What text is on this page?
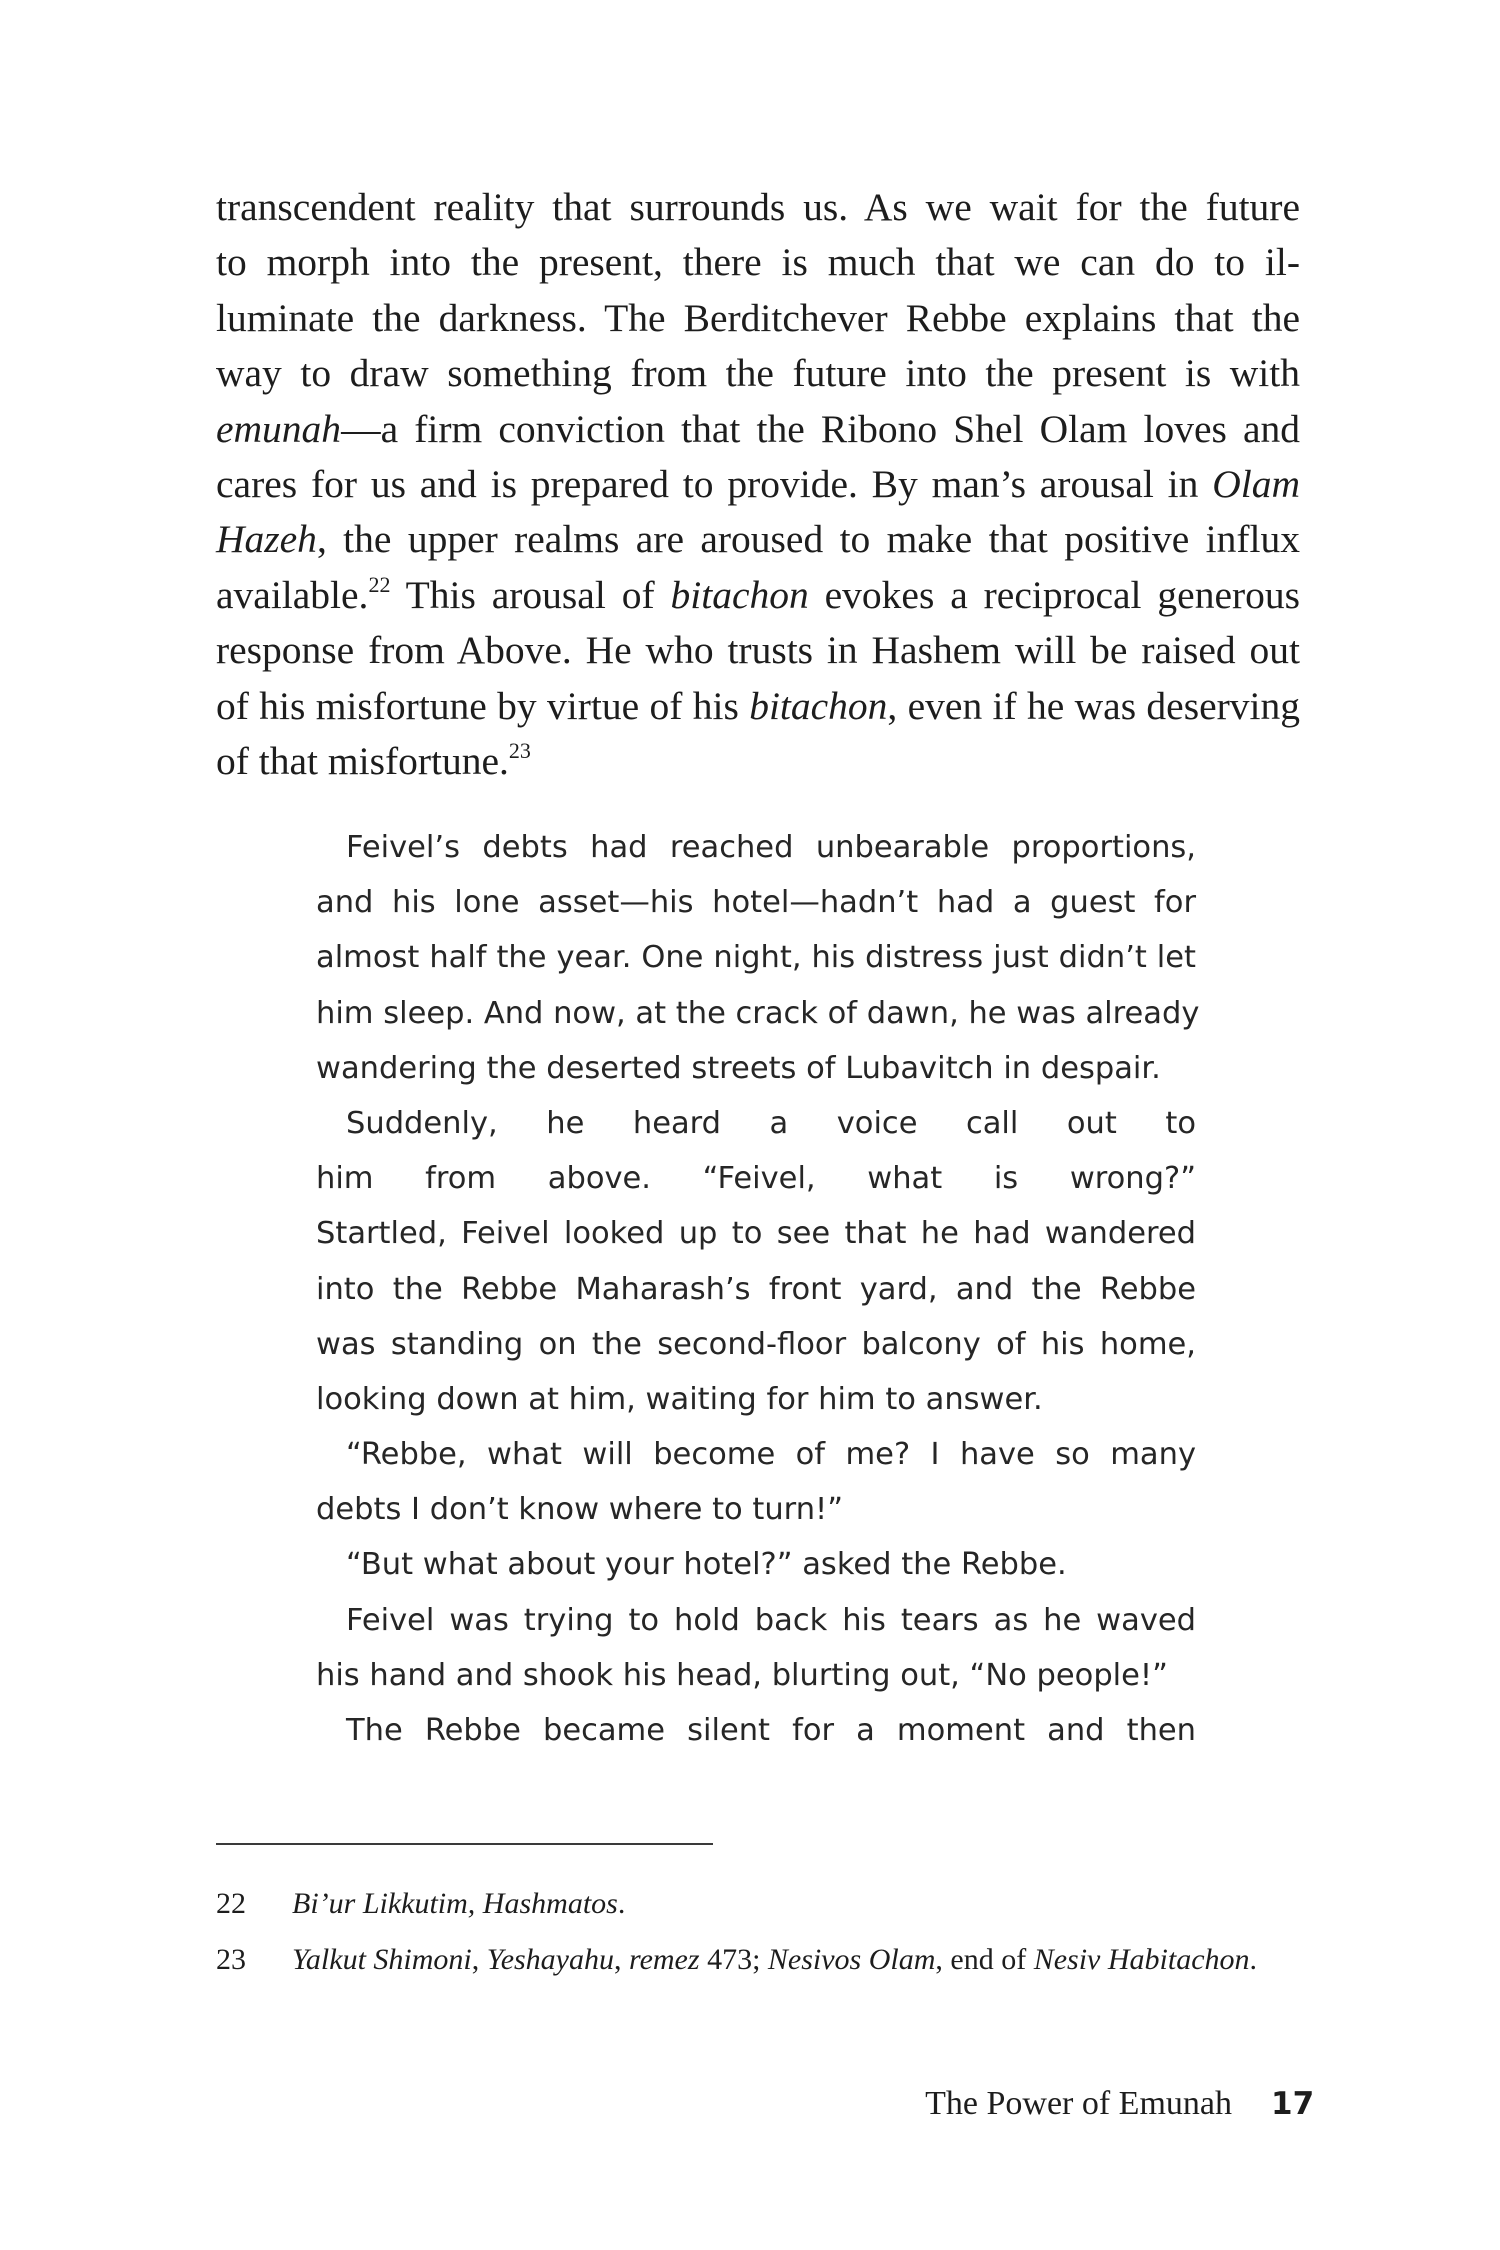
transcendent reality that surrounds us. As we wait for the future
to morph into the present, there is much that we can do to il-
luminate the darkness. The Berditchever Rebbe explains that the
way to draw something from the future into the present is with
emunah—a firm conviction that the Ribono Shel Olam loves and
cares for us and is prepared to provide. By man’s arousal in Olam
Hazeh, the upper realms are aroused to make that positive influx
available.$^{22}$ This arousal of bitachon evokes a reciprocal generous
response from Above. He who trusts in Hashem will be raised out
of his misfortune by virtue of his bitachon, even if he was deserving
of that misfortune.$^{23}$
Feivel’s debts had reached unbearable proportions,
and his lone asset—his hotel—hadn’t had a guest for
almost half the year. One night, his distress just didn’t let
him sleep. And now, at the crack of dawn, he was already
wandering the deserted streets of Lubavitch in despair.
Suddenly, he heard a voice call out to
him from above. “Feivel, what is wrong?”
Startled, Feivel looked up to see that he had wandered
into the Rebbe Maharash’s front yard, and the Rebbe
was standing on the second-floor balcony of his home,
looking down at him, waiting for him to answer.
“Rebbe, what will become of me? I have so many
debts I don’t know where to turn!”
“But what about your hotel?” asked the Rebbe.
Feivel was trying to hold back his tears as he waved
his hand and shook his head, blurting out, “No people!”
The Rebbe became silent for a moment and then
22 Bi’ur Likkutim, Hashmatos.
23 Yalkut Shimoni, Yeshayahu, remez 473; Nesivos Olam, end of Nesiv Habitachon.
The Power of Emunah 17
